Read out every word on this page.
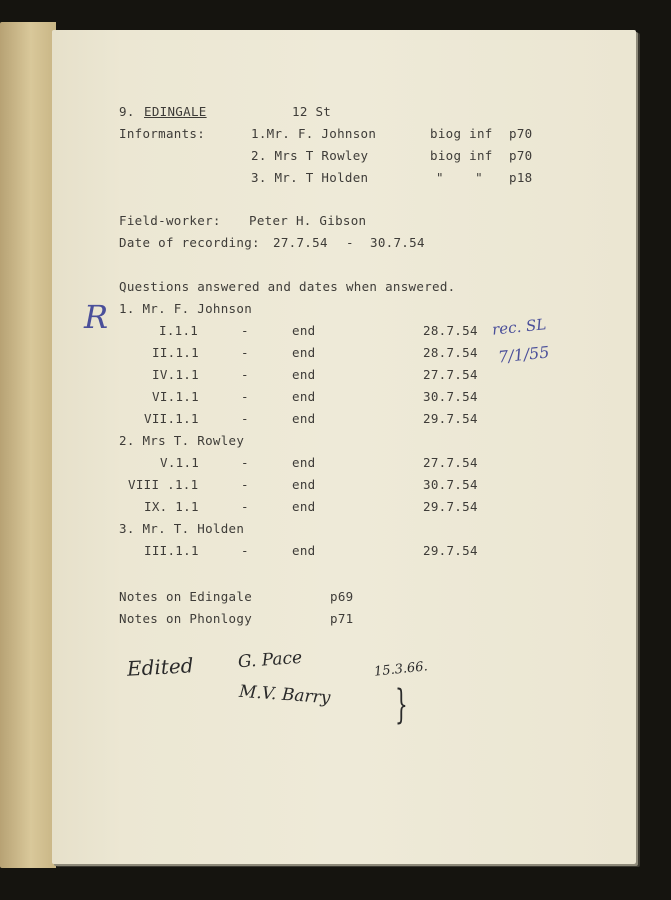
9. EDINGALE	12 St

Informants:	1.Mr. F. Johnson	biog inf p70

2. Mrs T Rowley	biog inf p70

3. Mr. T Holden	"    " p18

Field-worker: Peter H. Gibson

Date of recording: 27.7.54 - 30.7.54

Questions answered and dates when answered.

1. Mr. F. Johnson

I.1.1	-	end	28.7.54

II.1.1	-	end	28.7.54

IV.1.1	-	end	27.7.54

VI.1.1	-	end	30.7.54

VII.1.1	-	end	29.7.54

2. Mrs T. Rowley

V.1.1	-	end	27.7.54

VIII .1.1	-	end	30.7.54

IX. 1.1	-	end	29.7.54

3. Mr. T. Holden

III.1.1	-	end	29.7.54

Notes on Edingale	p69

Notes on Phonlogy	p71

R	rec. SL

7/1/55

Edited	G. Pace

M.V. Barry }

15.3.66.
